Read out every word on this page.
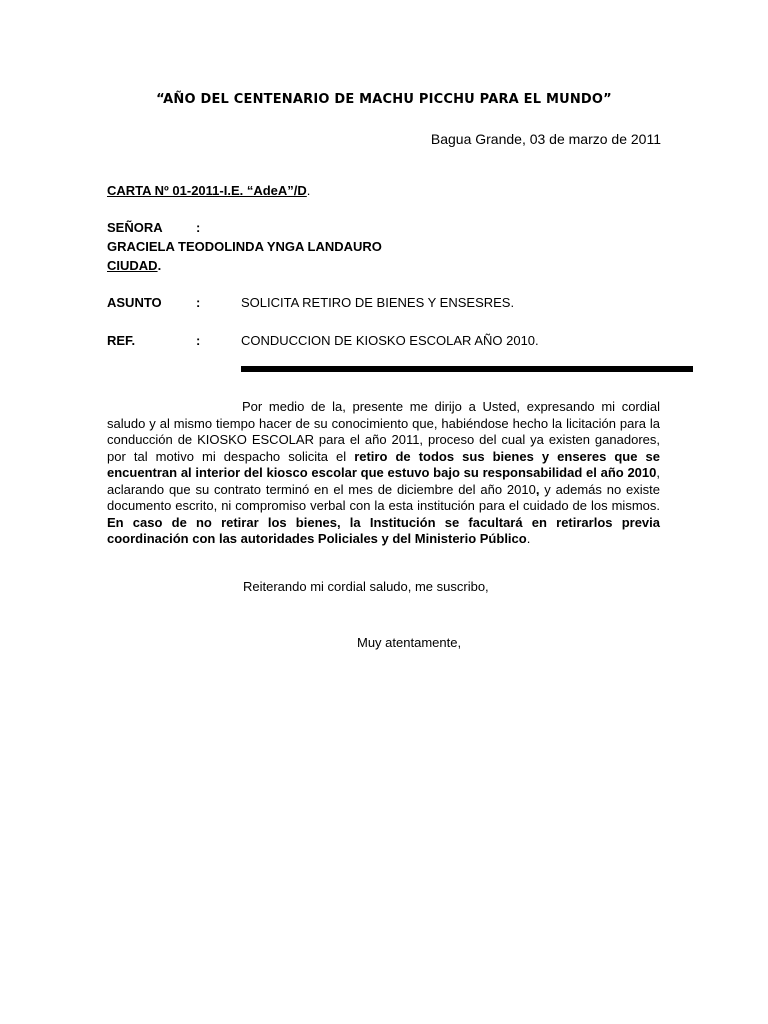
“AÑO DEL CENTENARIO DE MACHU PICCHU PARA EL MUNDO”
Bagua Grande, 03 de marzo de 2011
CARTA Nº 01-2011-I.E. “AdeA”/D.
SEÑORA	:
GRACIELA TEODOLINDA YNGA LANDAURO
CIUDAD.
ASUNTO	:	SOLICITA RETIRO DE BIENES Y ENSESRES.
REF.	:	CONDUCCION DE KIOSKO ESCOLAR AÑO 2010.

Por medio de la, presente me dirijo a Usted, expresando mi cordial saludo y al mismo tiempo hacer de su conocimiento que, habiéndose hecho la licitación para la conducción de KIOSKO ESCOLAR para el año 2011, proceso del cual ya existen ganadores, por tal motivo mi despacho solicita el retiro de todos sus bienes y enseres que se encuentran al interior del kiosco escolar que estuvo bajo su responsabilidad el año 2010, aclarando que su contrato terminó en el mes de diciembre del año 2010, y además no existe documento escrito, ni compromiso verbal con la esta institución para el cuidado de los mismos. En caso de no retirar los bienes, la Institución se facultará en retirarlos previa coordinación con las autoridades Policiales y del Ministerio Público.

Reiterando mi cordial saludo, me suscribo,
Muy atentamente,
